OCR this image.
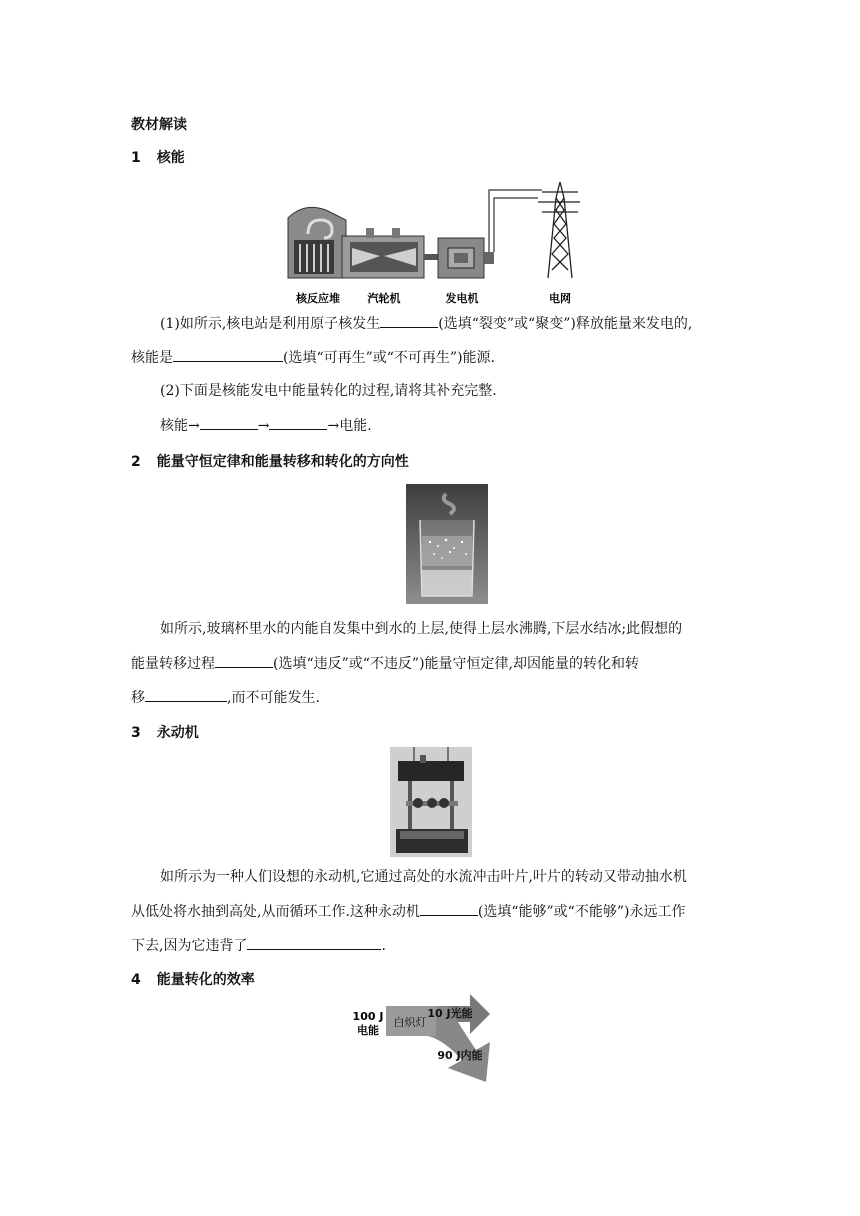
教材解读
1 核能
核反应堆	汽轮机	发电机	电网
(1)如所示,核电站是利用原子核发生	(选填“裂变”或“聚变”)释放能量来发电的,
核能是	(选填“可再生”或“不可再生”)能源.
(2)下面是核能发电中能量转化的过程,请将其补充完整.
核能→	→	→电能.
2 能量守恒定律和能量转移和转化的方向性
如所示,玻璃杯里水的内能自发集中到水的上层,使得上层水沸腾,下层水结冰;此假想的
能量转移过程	(选填“违反”或“不违反”)能量守恒定律,却因能量的转化和转
移	,而不可能发生.
3 永动机
如所示为一种人们设想的永动机,它通过高处的水流冲击叶片,叶片的转动又带动抽水机
从低处将水抽到高处,从而循环工作.这种永动机	(选填“能够”或“不能够”)永远工作
下去,因为它违背了	.
4 能量转化的效率
100 J
电能
白炽灯
10 J光能
90 J内能
